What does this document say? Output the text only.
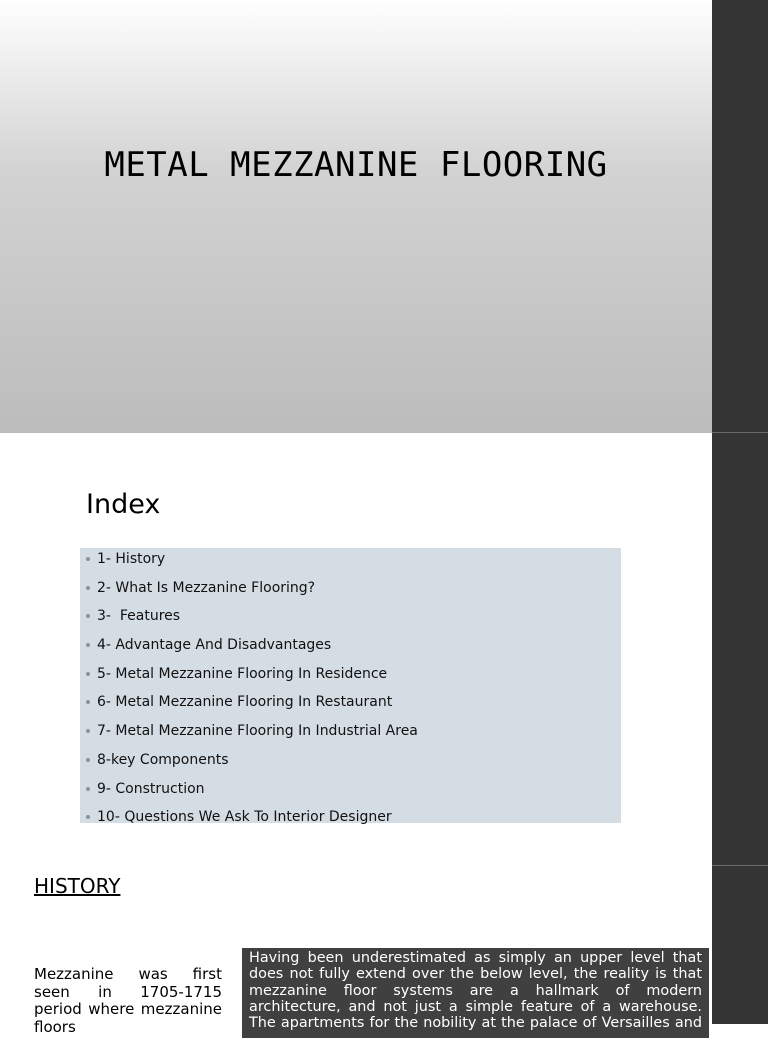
METAL MEZZANINE FLOORING
Index
1- History
2- What Is Mezzanine Flooring?
3-  Features
4- Advantage And Disadvantages
5- Metal Mezzanine Flooring In Residence
6- Metal Mezzanine Flooring In Restaurant
7- Metal Mezzanine Flooring In Industrial Area
8-key Components
9- Construction
10- Questions We Ask To Interior Designer
HISTORY
Mezzanine was first seen in 1705-1715 period where mezzanine floors
Having been underestimated as simply an upper level that does not fully extend over the below level, the reality is that mezzanine floor systems are a hallmark of modern architecture, and not just a simple feature of a warehouse. The apartments for the nobility at the palace of Versailles and
